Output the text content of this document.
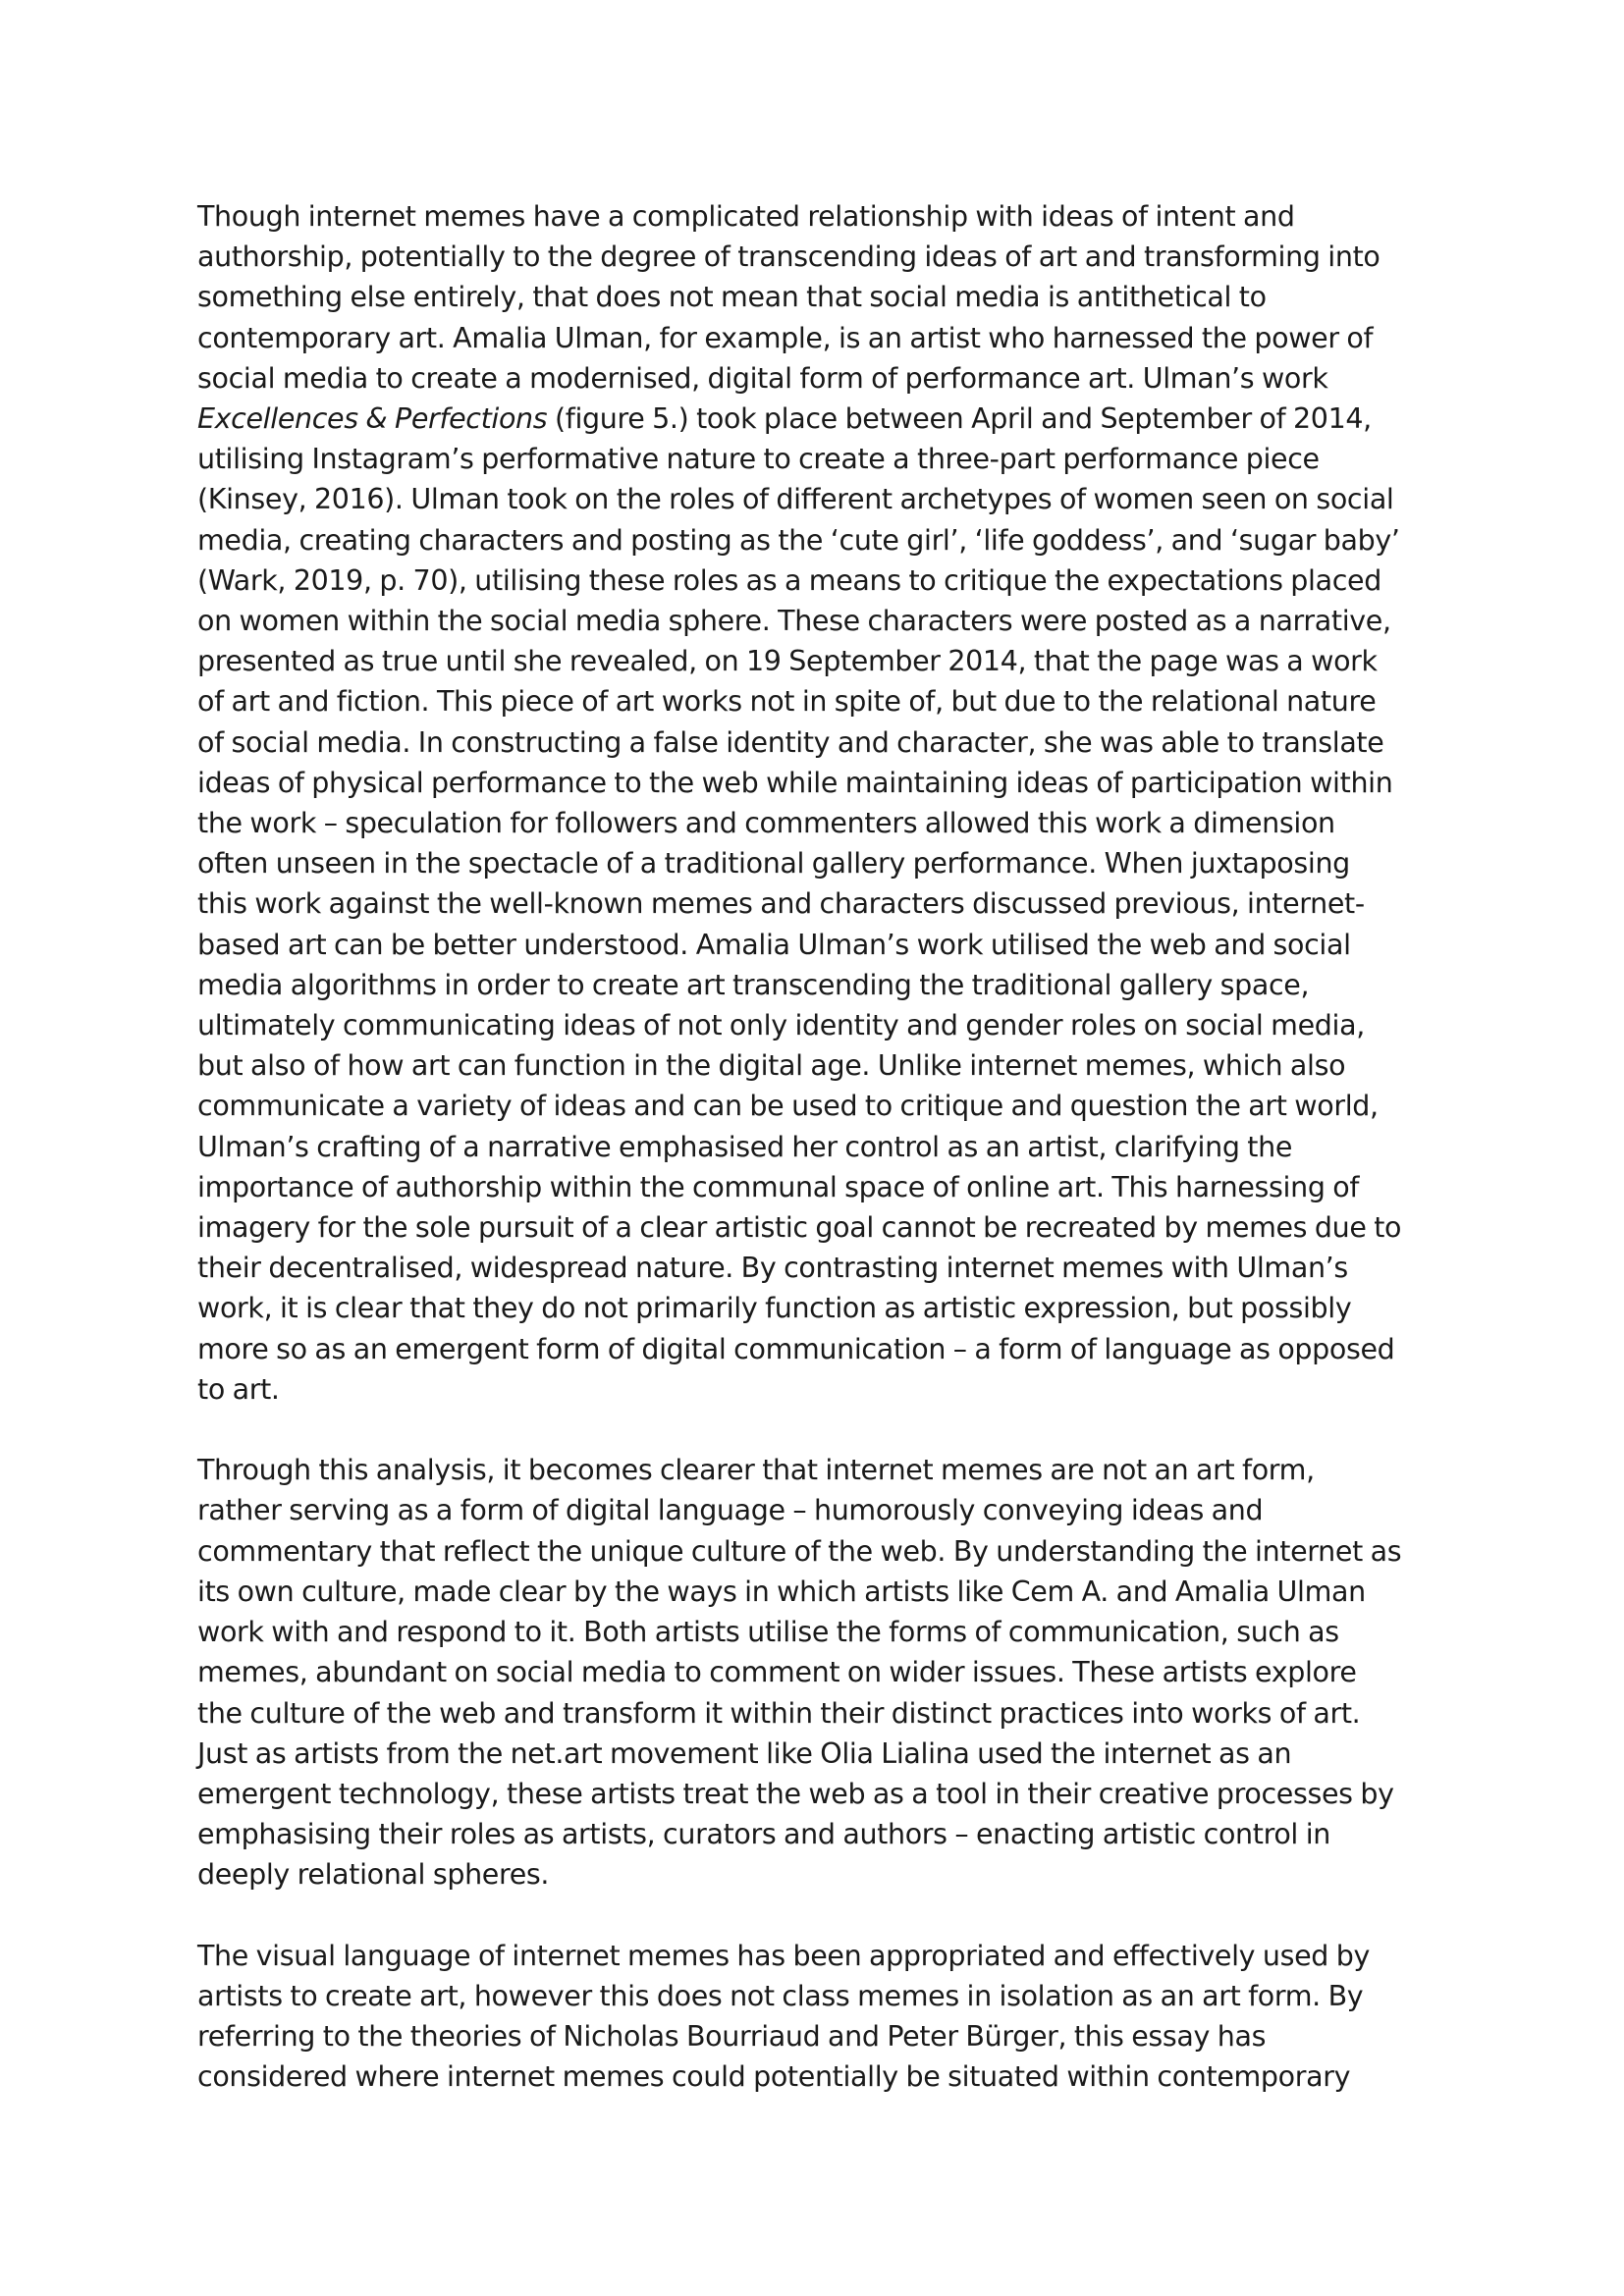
Though internet memes have a complicated relationship with ideas of intent and
authorship, potentially to the degree of transcending ideas of art and transforming into
something else entirely, that does not mean that social media is antithetical to
contemporary art. Amalia Ulman, for example, is an artist who harnessed the power of
social media to create a modernised, digital form of performance art. Ulman’s work
Excellences & Perfections (figure 5.) took place between April and September of 2014,
utilising Instagram’s performative nature to create a three-part performance piece
(Kinsey, 2016). Ulman took on the roles of different archetypes of women seen on social
media, creating characters and posting as the ‘cute girl’, ‘life goddess’, and ‘sugar baby’
(Wark, 2019, p. 70), utilising these roles as a means to critique the expectations placed
on women within the social media sphere. These characters were posted as a narrative,
presented as true until she revealed, on 19 September 2014, that the page was a work
of art and fiction. This piece of art works not in spite of, but due to the relational nature
of social media. In constructing a false identity and character, she was able to translate
ideas of physical performance to the web while maintaining ideas of participation within
the work – speculation for followers and commenters allowed this work a dimension
often unseen in the spectacle of a traditional gallery performance. When juxtaposing
this work against the well-known memes and characters discussed previous, internet-
based art can be better understood. Amalia Ulman’s work utilised the web and social
media algorithms in order to create art transcending the traditional gallery space,
ultimately communicating ideas of not only identity and gender roles on social media,
but also of how art can function in the digital age. Unlike internet memes, which also
communicate a variety of ideas and can be used to critique and question the art world,
Ulman’s crafting of a narrative emphasised her control as an artist, clarifying the
importance of authorship within the communal space of online art. This harnessing of
imagery for the sole pursuit of a clear artistic goal cannot be recreated by memes due to
their decentralised, widespread nature. By contrasting internet memes with Ulman’s
work, it is clear that they do not primarily function as artistic expression, but possibly
more so as an emergent form of digital communication – a form of language as opposed
to art.

Through this analysis, it becomes clearer that internet memes are not an art form,
rather serving as a form of digital language – humorously conveying ideas and
commentary that reflect the unique culture of the web. By understanding the internet as
its own culture, made clear by the ways in which artists like Cem A. and Amalia Ulman
work with and respond to it. Both artists utilise the forms of communication, such as
memes, abundant on social media to comment on wider issues. These artists explore
the culture of the web and transform it within their distinct practices into works of art.
Just as artists from the net.art movement like Olia Lialina used the internet as an
emergent technology, these artists treat the web as a tool in their creative processes by
emphasising their roles as artists, curators and authors – enacting artistic control in
deeply relational spheres.

The visual language of internet memes has been appropriated and effectively used by
artists to create art, however this does not class memes in isolation as an art form. By
referring to the theories of Nicholas Bourriaud and Peter Bürger, this essay has
considered where internet memes could potentially be situated within contemporary
